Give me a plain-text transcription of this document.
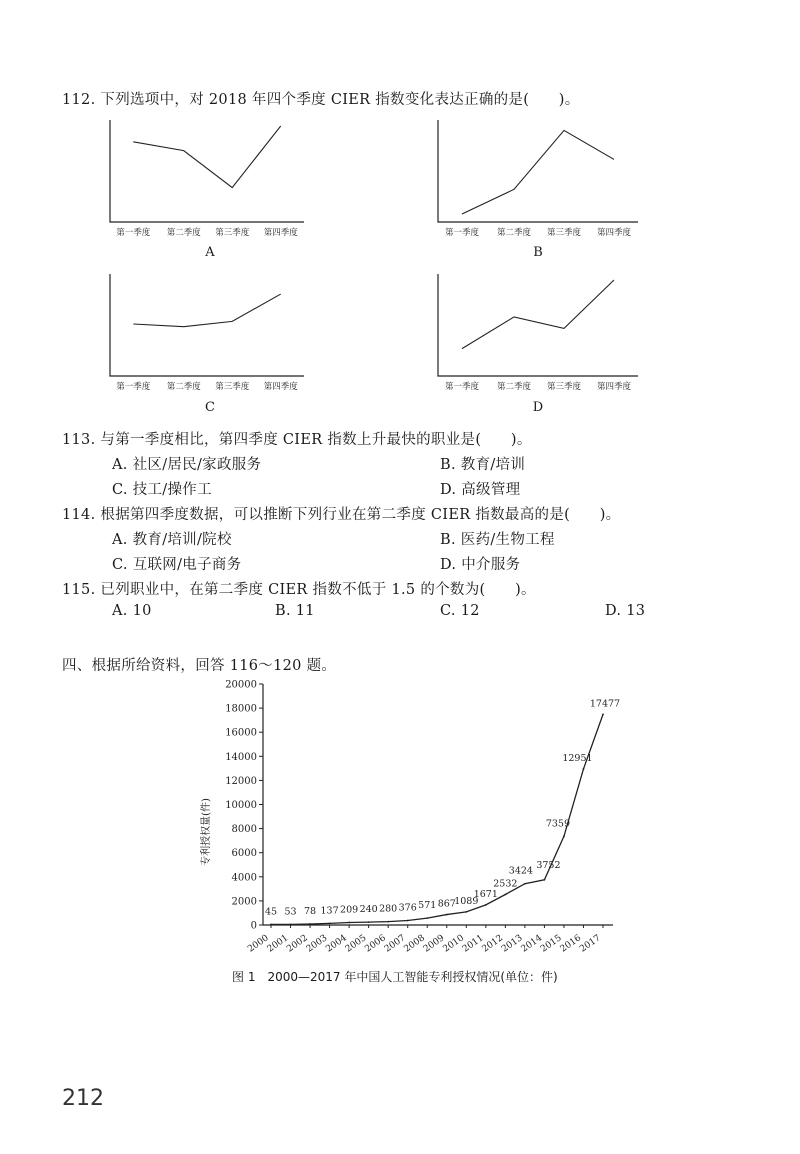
112. 下列选项中，对 2018 年四个季度 CIER 指数变化表达正确的是(　　)。
第一季度 第二季度 第三季度 第四季度
A
第一季度 第二季度 第三季度 第四季度
B
第一季度 第二季度 第三季度 第四季度
C
第一季度 第二季度 第三季度 第四季度
D
113. 与第一季度相比，第四季度 CIER 指数上升最快的职业是(　　)。
A. 社区/居民/家政服务	B. 教育/培训
C. 技工/操作工	D. 高级管理
114. 根据第四季度数据，可以推断下列行业在第二季度 CIER 指数最高的是(　　)。
A. 教育/培训/院校	B. 医药/生物工程
C. 互联网/电子商务	D. 中介服务
115. 已列职业中，在第二季度 CIER 指数不低于 1.5 的个数为(　　)。
A. 10	B. 11	C. 12	D. 13
四、根据所给资料，回答 116～120 题。
专利授权量(件)
0
2000
4000
6000
8000
10000
12000
14000
16000
18000
20000
2000
2001
2002
2003
2004
2005
2006
2007
2008
2009
2010
2011
2012
2013
2014
2015
2016
2017
45 53 78 137 209 240 280 376 571 867
1089
1671
2532
3424
3752
7359
12951
17477
图 1　2000—2017 年中国人工智能专利授权情况(单位：件)
212
